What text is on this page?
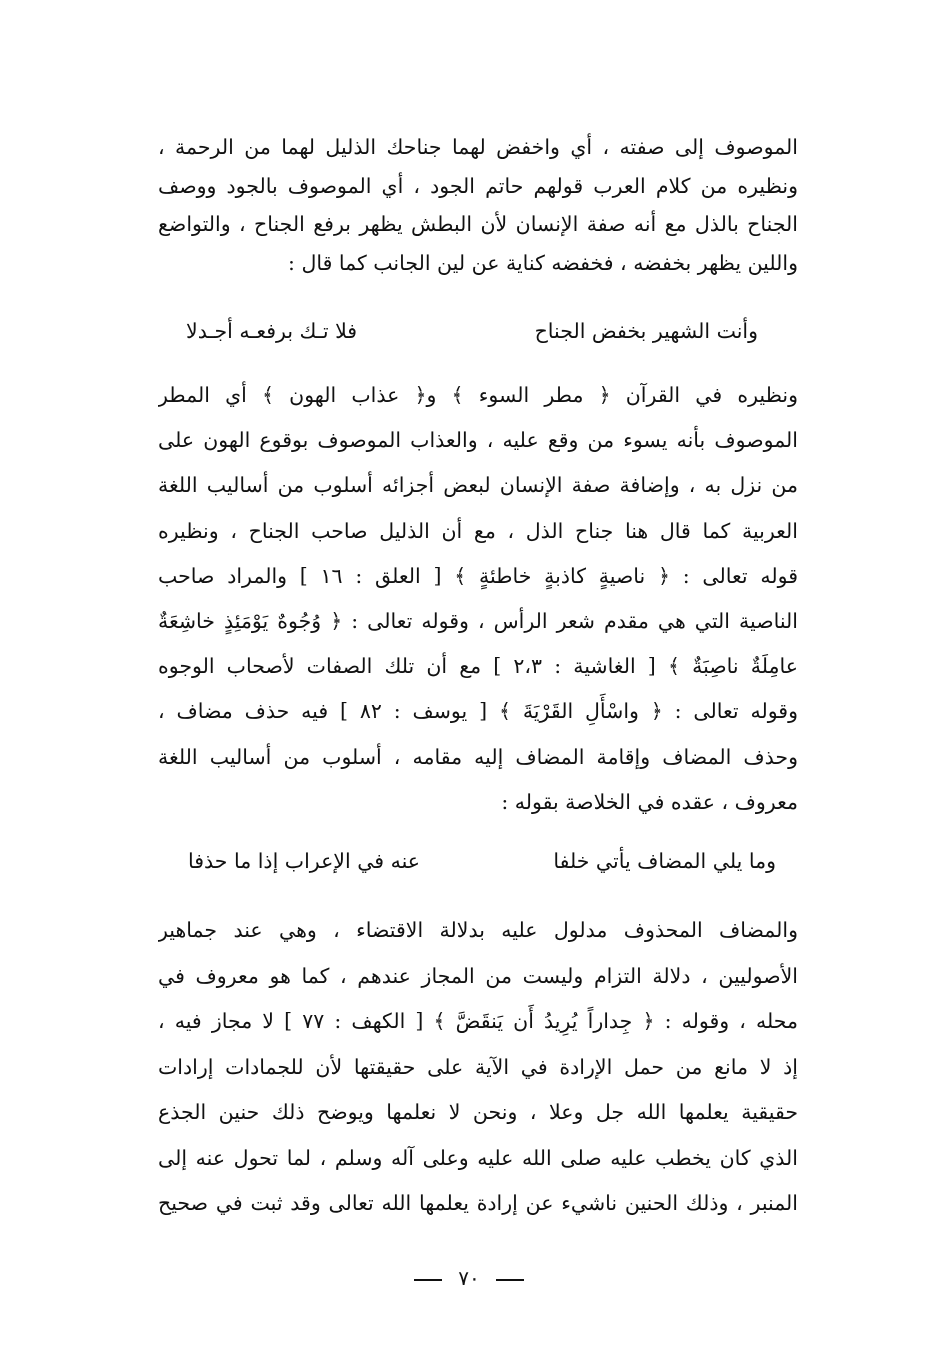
الموصوف إلى صفته ، أي واخفض لهما جناحك الذليل لهما من الرحمة ،
ونظيره من كلام العرب قولهم حاتم الجود ، أي الموصوف بالجود ووصف
الجناح بالذل مع أنه صفة الإنسان لأن البطش يظهر برفع الجناح ، والتواضع
واللين يظهر بخفضه ، فخفضه كناية عن لين الجانب كما قال :
وأنت الشهير بخفض الجناح
فلا تـك برفعـه أجـدلا
ونظيره في القرآن ﴿ مطر السوء ﴾ و﴿ عذاب الهون ﴾ أي المطر
الموصوف بأنه يسوء من وقع عليه ، والعذاب الموصوف بوقوع الهون على
من نزل به ، وإضافة صفة الإنسان لبعض أجزائه أسلوب من أساليب اللغة
العربية كما قال هنا جناح الذل ، مع أن الذليل صاحب الجناح ، ونظيره
قوله تعالى : ﴿ ناصيةٍ كاذبةٍ خاطئةٍ ﴾ [ العلق : ١٦ ] والمراد صاحب
الناصية التي هي مقدم شعر الرأس ، وقوله تعالى : ﴿ وُجُوهٌ يَوْمَئِذٍ خاشِعَةٌ
عامِلَةٌ ناصِبَةٌ ﴾ [ الغاشية : ٢،٣ ] مع أن تلك الصفات لأصحاب الوجوه
وقوله تعالى : ﴿ واسْأَلِ القَرْيَةَ ﴾ [ يوسف : ٨٢ ] فيه حذف مضاف ،
وحذف المضاف وإقامة المضاف إليه مقامه ، أسلوب من أساليب اللغة
معروف ، عقده في الخلاصة بقوله :
وما يلي المضاف يأتي خلفا
عنه في الإعراب إذا ما حذفا
والمضاف المحذوف مدلول عليه بدلالة الاقتضاء ، وهي عند جماهير
الأصوليين ، دلالة التزام وليست من المجاز عندهم ، كما هو معروف في
محله ، وقوله : ﴿ جِداراً يُرِيدُ أَن يَنقَضَّ ﴾ [ الكهف : ٧٧ ] لا مجاز فيه ،
إذ لا مانع من حمل الإرادة في الآية على حقيقتها لأن للجمادات إرادات
حقيقية يعلمها الله جل وعلا ، ونحن لا نعلمها ويوضح ذلك حنين الجذع
الذي كان يخطب عليه صلى الله عليه وعلى آله وسلم ، لما تحول عنه إلى
المنبر ، وذلك الحنين ناشيء عن إرادة يعلمها الله تعالى وقد ثبت في صحيح
٧٠
